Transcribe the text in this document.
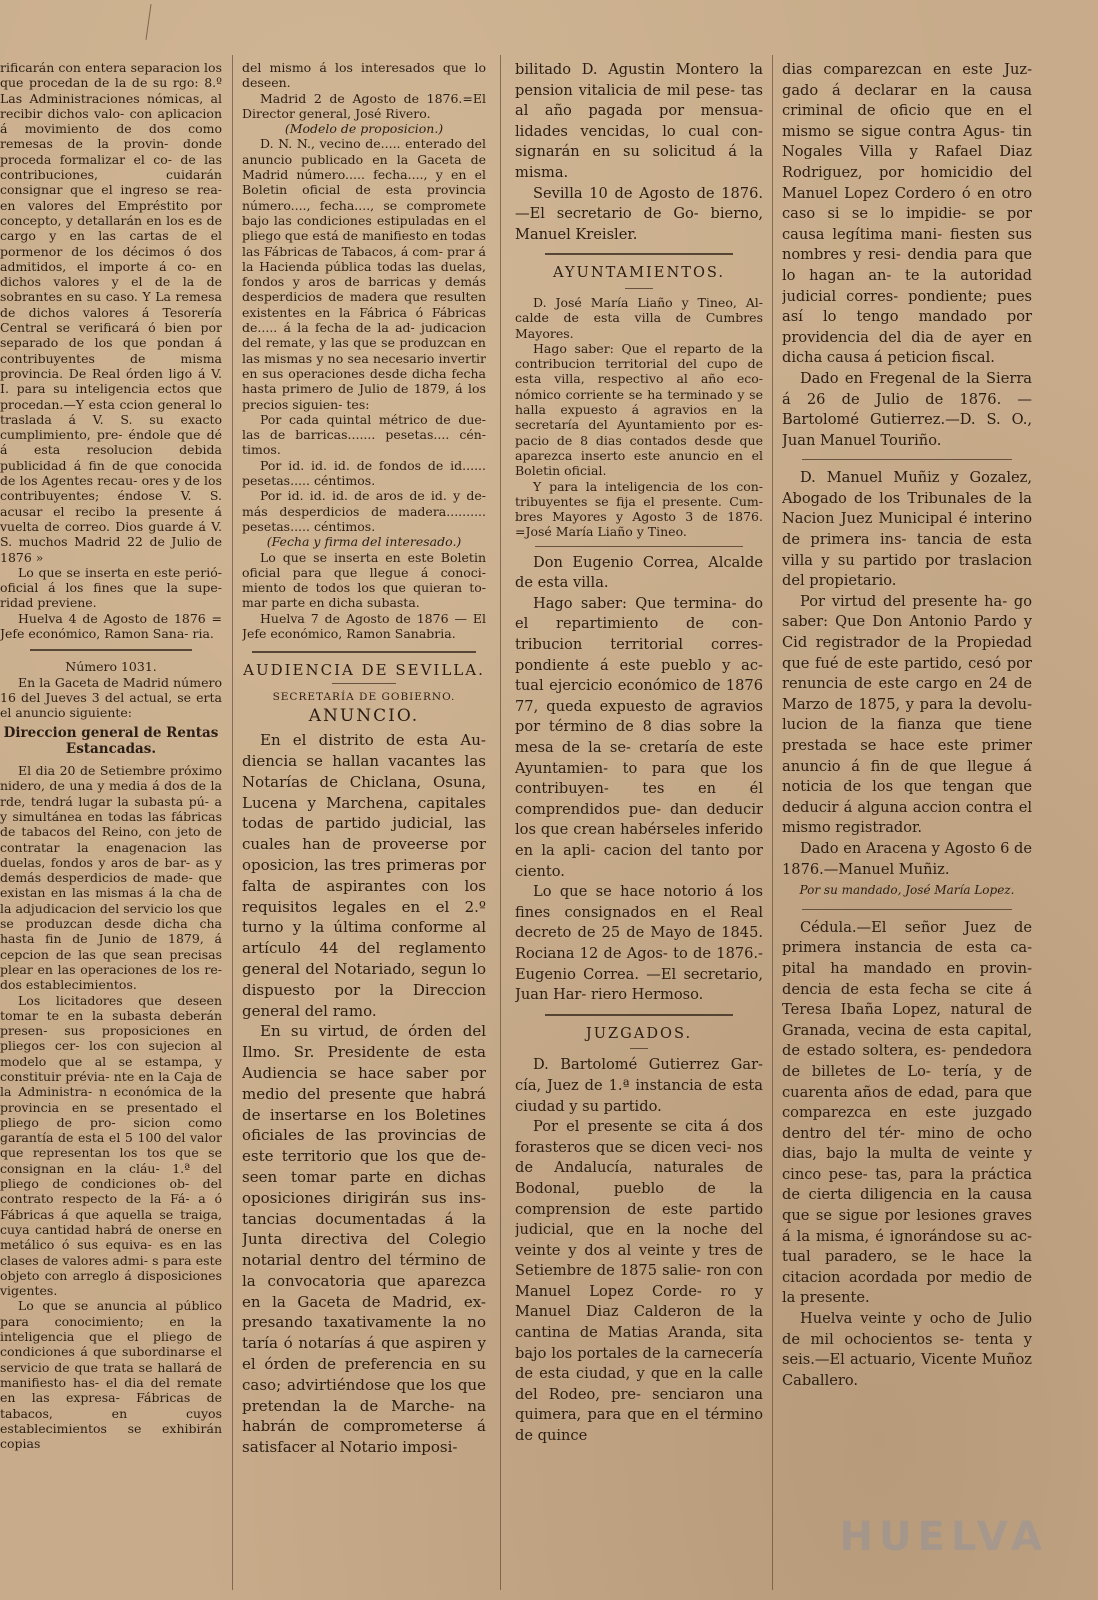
rificarán con entera separacion los que procedan de la de su rgo: 8.º Las Administraciones nómicas, al recibir dichos valo- con aplicacion á movimiento de dos como remesas de la provin- donde proceda formalizar el co- de las contribuciones, cuidarán consignar que el ingreso se rea- en valores del Empréstito por concepto, y detallarán en los es de cargo y en las cartas de el pormenor de los décimos ó dos admitidos, el importe á co- en dichos valores y el de la de sobrantes en su caso. Y La remesa de dichos valores á Tesorería Central se verificará ó bien por separado de los que pondan á contribuyentes de misma provincia. De Real órden ligo á V. I. para su inteligencia ectos que procedan.—Y esta ccion general lo traslada á V. S. su exacto cumplimiento, pre- éndole que dé á esta resolucion debida publicidad á fin de que conocida de los Agentes recau- ores y de los contribuyentes; éndose V. S. acusar el recibo la presente á vuelta de correo. Dios guarde á V. S. muchos Madrid 22 de Julio de 1876 »

Lo que se inserta en este perió- oficial á los fines que la supe- ridad previene.

Huelva 4 de Agosto de 1876 = Jefe económico, Ramon Sana- ria.

Número 1031.

En la Gaceta de Madrid número 16 del Jueves 3 del actual, se erta el anuncio siguiente:

Direccion general de Rentas Estancadas.

El dia 20 de Setiembre próximo nidero, de una y media á dos de la rde, tendrá lugar la subasta pú- a y simultánea en todas las fábricas de tabacos del Reino, con jeto de contratar la enagenacion las duelas, fondos y aros de bar- as y demás desperdicios de made- que existan en las mismas á la cha de la adjudicacion del servicio los que se produzcan desde dicha cha hasta fin de Junio de 1879, á cepcion de las que sean precisas plear en las operaciones de los re- dos establecimientos.

Los licitadores que deseen tomar te en la subasta deberán presen- sus proposiciones en pliegos cer- los con sujecion al modelo que al se estampa, y constituir prévia- nte en la Caja de la Administra- n económica de la provincia en se presentado el pliego de pro- sicion como garantía de esta el 5 100 del valor que representan los tos que se consignan en la cláu- 1.ª del pliego de condiciones ob- del contrato respecto de la Fá- a ó Fábricas á que aquella se traiga, cuya cantidad habrá de onerse en metálico ó sus equiva- es en las clases de valores admi- s para este objeto con arreglo á disposiciones vigentes.

Lo que se anuncia al público para conocimiento; en la inteligencia que el pliego de condiciones á que subordinarse el servicio de que trata se hallará de manifiesto has- el dia del remate en las expresa- Fábricas de tabacos, en cuyos establecimientos se exhibirán copias

del mismo á los interesados que lo deseen.

Madrid 2 de Agosto de 1876.=El Director general, José Rivero.

(Modelo de proposicion.)

D. N. N., vecino de..... enterado del anuncio publicado en la Gaceta de Madrid número..... fecha...., y en el Boletin oficial de esta provincia número...., fecha...., se compromete bajo las condiciones estipuladas en el pliego que está de manifiesto en todas las Fábricas de Tabacos, á com- prar á la Hacienda pública todas las duelas, fondos y aros de barricas y demás desperdicios de madera que resulten existentes en la Fábrica ó Fábricas de..... á la fecha de la ad- judicacion del remate, y las que se produzcan en las mismas y no sea necesario invertir en sus operaciones desde dicha fecha hasta primero de Julio de 1879, á los precios siguien- tes:

Por cada quintal métrico de due- las de barricas....... pesetas.... cén- timos.

Por id. id. id. de fondos de id...... pesetas..... céntimos.

Por id. id. id. de aros de id. y de- más desperdicios de madera.......... pesetas..... céntimos.

(Fecha y firma del interesado.)

Lo que se inserta en este Boletin oficial para que llegue á conoci- miento de todos los que quieran to- mar parte en dicha subasta.

Huelva 7 de Agosto de 1876 — El Jefe económico, Ramon Sanabria.

AUDIENCIA DE SEVILLA.
SECRETARÍA DE GOBIERNO.
ANUNCIO.

En el distrito de esta Au- diencia se hallan vacantes las Notarías de Chiclana, Osuna, Lucena y Marchena, capitales todas de partido judicial, las cuales han de proveerse por oposicion, las tres primeras por falta de aspirantes con los requisitos legales en el 2.º turno y la última conforme al artículo 44 del reglamento general del Notariado, segun lo dispuesto por la Direccion general del ramo.

En su virtud, de órden del Ilmo. Sr. Presidente de esta Audiencia se hace saber por medio del presente que habrá de insertarse en los Boletines oficiales de las provincias de este territorio que los que de- seen tomar parte en dichas oposiciones dirigirán sus ins- tancias documentadas á la Junta directiva del Colegio notarial dentro del término de la convocatoria que aparezca en la Gaceta de Madrid, ex- presando taxativamente la no taría ó notarías á que aspiren y el órden de preferencia en su caso; advirtiéndose que los que pretendan la de Marche- na habrán de comprometerse á satisfacer al Notario imposi-

bilitado D. Agustin Montero la pension vitalicia de mil pese- tas al año pagada por mensua- lidades vencidas, lo cual con- signarán en su solicitud á la misma.

Sevilla 10 de Agosto de 1876.—El secretario de Go- bierno, Manuel Kreisler.

AYUNTAMIENTOS.

D. José María Liaño y Tineo, Al- calde de esta villa de Cumbres Mayores.

Hago saber: Que el reparto de la contribucion territorial del cupo de esta villa, respectivo al año eco- nómico corriente se ha terminado y se halla expuesto á agravios en la secretaría del Ayuntamiento por es- pacio de 8 dias contados desde que aparezca inserto este anuncio en el Boletin oficial.

Y para la inteligencia de los con- tribuyentes se fija el presente. Cum- bres Mayores y Agosto 3 de 1876. =José María Liaño y Tineo.

Don Eugenio Correa, Alcalde de esta villa.

Hago saber: Que termina- do el repartimiento de con- tribucion territorial corres- pondiente á este pueblo y ac- tual ejercicio económico de 1876 77, queda expuesto de agravios por término de 8 dias sobre la mesa de la se- cretaría de este Ayuntamien- to para que los contribuyen- tes en él comprendidos pue- dan deducir los que crean habérseles inferido en la apli- cacion del tanto por ciento.

Lo que se hace notorio á los fines consignados en el Real decreto de 25 de Mayo de 1845. Rociana 12 de Agos- to de 1876.-Eugenio Correa. —El secretario, Juan Har- riero Hermoso.

JUZGADOS.

D. Bartolomé Gutierrez Gar- cía, Juez de 1.ª instancia de esta ciudad y su partido.

Por el presente se cita á dos forasteros que se dicen veci- nos de Andalucía, naturales de Bodonal, pueblo de la comprension de este partido judicial, que en la noche del veinte y dos al veinte y tres de Setiembre de 1875 salie- ron con Manuel Lopez Corde- ro y Manuel Diaz Calderon de la cantina de Matias Aranda, sita bajo los portales de la carnecería de esta ciudad, y que en la calle del Rodeo, pre- senciaron una quimera, para que en el término de quince

dias comparezcan en este Juz- gado á declarar en la causa criminal de oficio que en el mismo se sigue contra Agus- tin Nogales Villa y Rafael Diaz Rodriguez, por homicidio del Manuel Lopez Cordero ó en otro caso si se lo impidie- se por causa legítima mani- fiesten sus nombres y resi- dendia para que lo hagan an- te la autoridad judicial corres- pondiente; pues así lo tengo mandado por providencia del dia de ayer en dicha causa á peticion fiscal.

Dado en Fregenal de la Sierra á 26 de Julio de 1876. —Bartolomé Gutierrez.—D. S. O., Juan Manuel Touriño.

D. Manuel Muñiz y Gozalez, Abogado de los Tribunales de la Nacion Juez Municipal é interino de primera ins- tancia de esta villa y su partido por traslacion del propietario.

Por virtud del presente ha- go saber: Que Don Antonio Pardo y Cid registrador de la Propiedad que fué de este partido, cesó por renuncia de este cargo en 24 de Marzo de 1875, y para la devolu- lucion de la fianza que tiene prestada se hace este primer anuncio á fin de que llegue á noticia de los que tengan que deducir á alguna accion contra el mismo registrador.

Dado en Aracena y Agosto 6 de 1876.—Manuel Muñiz.

Por su mandado, José María Lopez.

Cédula.—El señor Juez de primera instancia de esta ca- pital ha mandado en provin- dencia de esta fecha se cite á Teresa Ibaña Lopez, natural de Granada, vecina de esta capital, de estado soltera, es- pendedora de billetes de Lo- tería, y de cuarenta años de edad, para que comparezca en este juzgado dentro del tér- mino de ocho dias, bajo la multa de veinte y cinco pese- tas, para la práctica de cierta diligencia en la causa que se sigue por lesiones graves á la misma, é ignorándose su ac- tual paradero, se le hace la citacion acordada por medio de la presente.

Huelva veinte y ocho de Julio de mil ochocientos se- tenta y seis.—El actuario, Vicente Muñoz Caballero.

HUELVA
